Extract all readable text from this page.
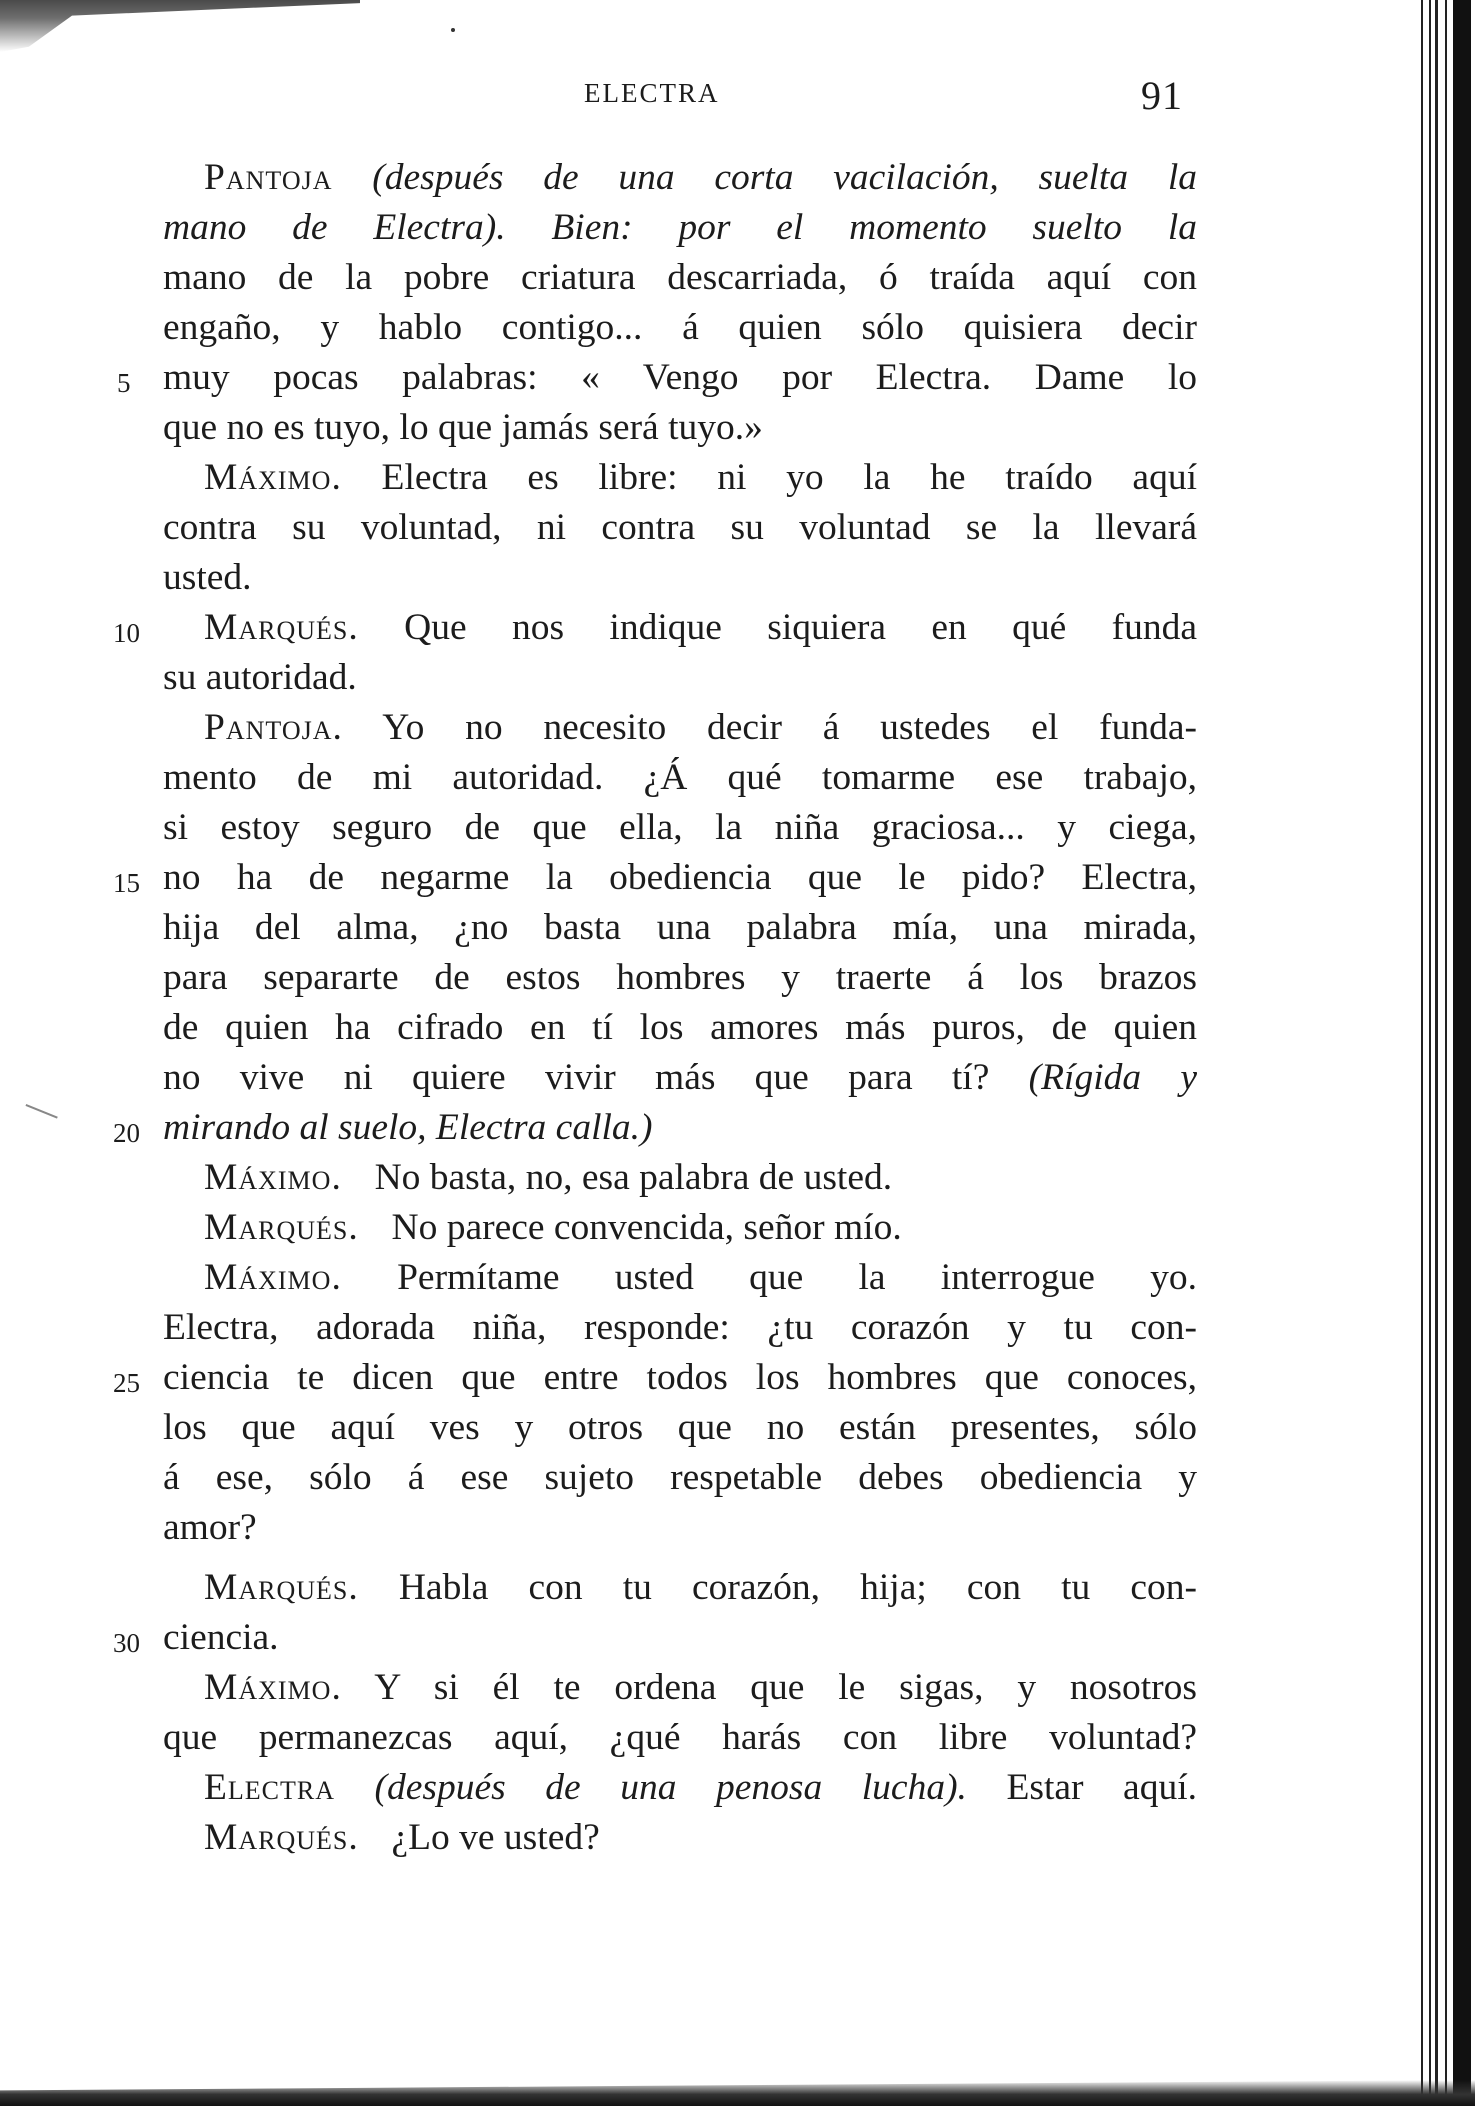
ELECTRA	91
Pantoja (después de una corta vacilación, suelta la
mano de Electra). Bien: por el momento suelto la
mano de la pobre criatura descarriada, ó traída aquí con
engaño, y hablo contigo... á quien sólo quisiera decir
muy pocas palabras: « Vengo por Electra. Dame lo
que no es tuyo, lo que jamás será tuyo.»
Máximo. Electra es libre: ni yo la he traído aquí
contra su voluntad, ni contra su voluntad se la llevará
usted.
Marqués. Que nos indique siquiera en qué funda
su autoridad.
Pantoja. Yo no necesito decir á ustedes el funda-
mento de mi autoridad. ¿Á qué tomarme ese trabajo,
si estoy seguro de que ella, la niña graciosa... y ciega,
no ha de negarme la obediencia que le pido? Electra,
hija del alma, ¿no basta una palabra mía, una mirada,
para separarte de estos hombres y traerte á los brazos
de quien ha cifrado en tí los amores más puros, de quien
no vive ni quiere vivir más que para tí? (Rígida y
mirando al suelo, Electra calla.)
Máximo. No basta, no, esa palabra de usted.
Marqués. No parece convencida, señor mío.
Máximo. Permítame usted que la interrogue yo.
Electra, adorada niña, responde: ¿tu corazón y tu con-
ciencia te dicen que entre todos los hombres que conoces,
los que aquí ves y otros que no están presentes, sólo
á ese, sólo á ese sujeto respetable debes obediencia y
amor?
Marqués. Habla con tu corazón, hija; con tu con-
ciencia.
Máximo. Y si él te ordena que le sigas, y nosotros
que permanezcas aquí, ¿qué harás con libre voluntad?
Electra (después de una penosa lucha). Estar aquí.
Marqués. ¿Lo ve usted?
5
10
15
20
25
30
